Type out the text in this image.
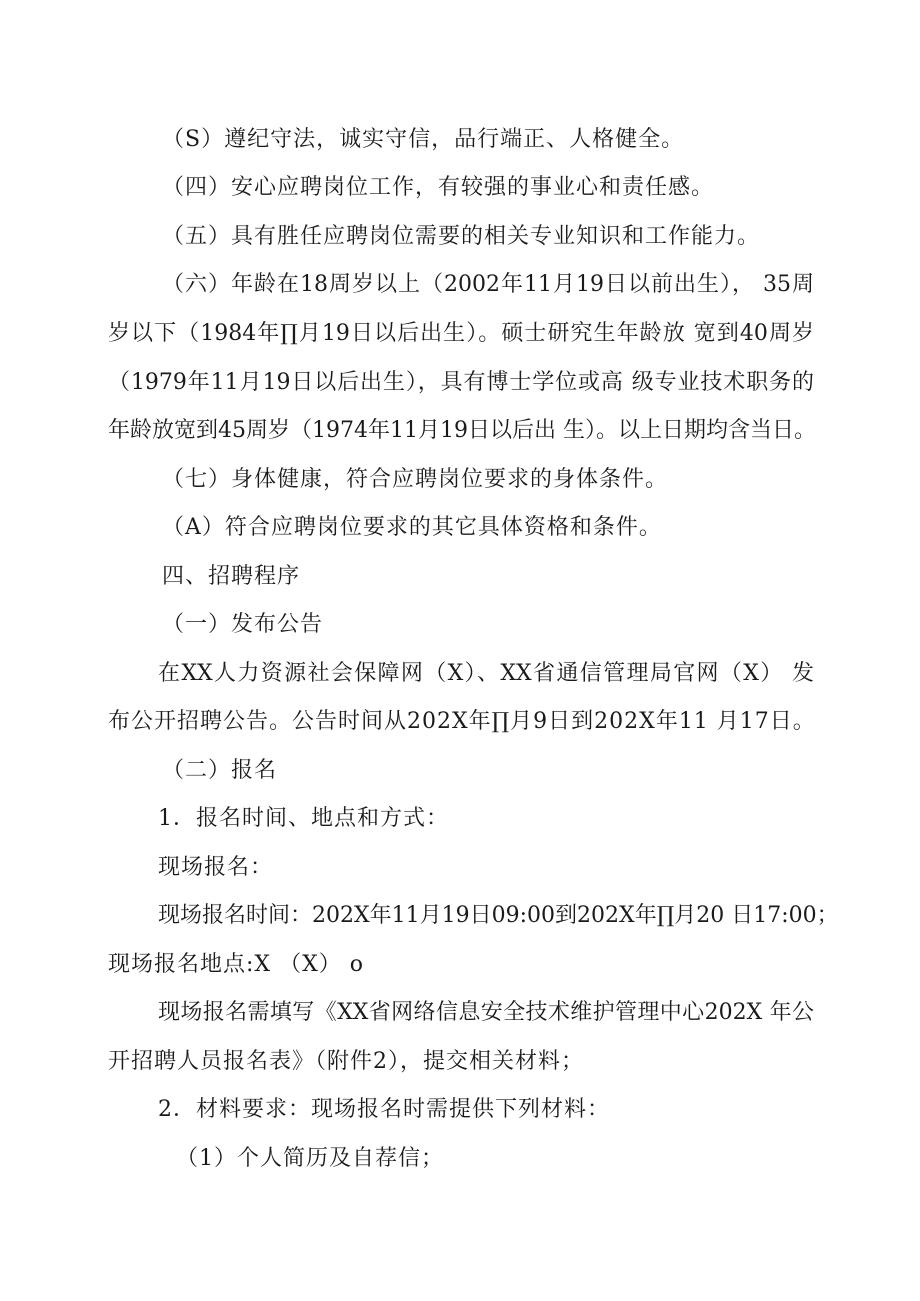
（S）遵纪守法，诚实守信，品行端正、人格健全。
（四）安心应聘岗位工作，有较强的事业心和责任感。
（五）具有胜任应聘岗位需要的相关专业知识和工作能力。
（六）年龄在18周岁以上（2002年11月19日以前出生）， 35周
岁以下（1984年∏月19日以后出生）。硕士研究生年龄放 宽到40周岁
（1979年11月19日以后出生），具有博士学位或高 级专业技术职务的
年龄放宽到45周岁（1974年11月19日以后出 生）。以上日期均含当日。
（七）身体健康，符合应聘岗位要求的身体条件。
（A）符合应聘岗位要求的其它具体资格和条件。
四、招聘程序
（一）发布公告
在XX人力资源社会保障网（X）、XX省通信管理局官网（X） 发
布公开招聘公告。公告时间从202X年∏月9日到202X年11 月17日。
（二）报名
1．报名时间、地点和方式：
现场报名：
现场报名时间：202X年11月19日09:00到202X年∏月20 日17:00；
现场报名地点:X （X） o
现场报名需填写《XX省网络信息安全技术维护管理中心202X 年公
开招聘人员报名表》（附件2），提交相关材料；
2．材料要求：现场报名时需提供下列材料：
（1）个人简历及自荐信；
